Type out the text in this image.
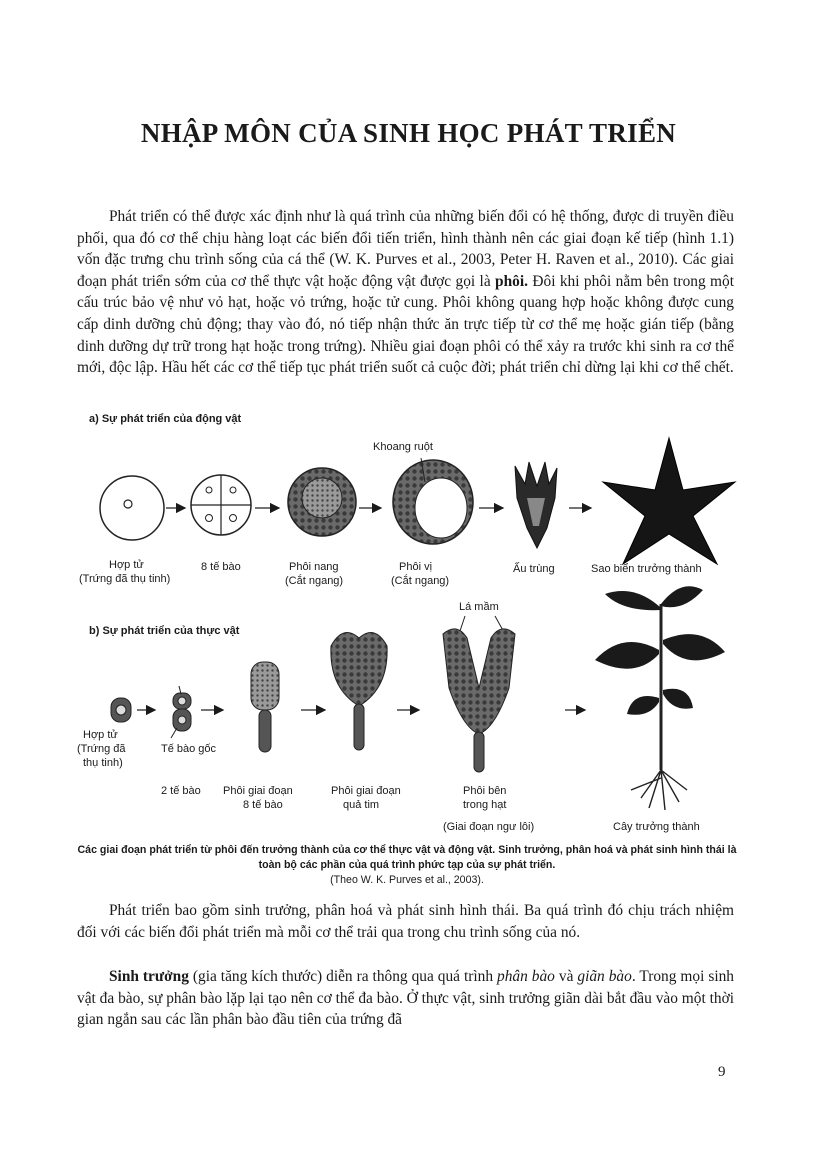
NHẬP MÔN CỦA SINH HỌC PHÁT TRIỂN

Phát triển có thể được xác định như là quá trình của những biến đổi có hệ thống, được di truyền điều phối, qua đó cơ thể chịu hàng loạt các biến đổi tiến triển, hình thành nên các giai đoạn kế tiếp (hình 1.1) vốn đặc trưng chu trình sống của cá thể (W. K. Purves et al., 2003, Peter H. Raven et al., 2010). Các giai đoạn phát triển sớm của cơ thể thực vật hoặc động vật được gọi là phôi. Đôi khi phôi nằm bên trong một cấu trúc bảo vệ như vỏ hạt, hoặc vỏ trứng, hoặc tử cung. Phôi không quang hợp hoặc không được cung cấp dinh dưỡng chủ động; thay vào đó, nó tiếp nhận thức ăn trực tiếp từ cơ thể mẹ hoặc gián tiếp (bằng dinh dưỡng dự trữ trong hạt hoặc trong trứng). Nhiều giai đoạn phôi có thể xảy ra trước khi sinh ra cơ thể mới, độc lập. Hầu hết các cơ thể tiếp tục phát triển suốt cả cuộc đời; phát triển chỉ dừng lại khi cơ thể chết.

a) Sự phát triển của động vật
Khoang ruột
Hợp tử
(Trứng đã thụ tinh)
8 tế bào	Phôi nang
(Cắt ngang)
Phôi vị
(Cắt ngang)
Ấu trùng	Sao biển trưởng thành
b) Sự phát triển của thực vật
Lá mầm
Hợp tử
(Trứng đã
thụ tinh)
Tế bào gốc
2 tế bào Phôi giai đoạn
8 tế bào
Phôi giai đoạn
quả tim
Phôi bên
trong hạt
(Giai đoạn ngư lôi)	Cây trưởng thành
Các giai đoạn phát triển từ phôi đến trưởng thành của cơ thể thực vật và động vật. Sinh trưởng, phân hoá và phát sinh hình thái là toàn bộ các phần của quá trình phức tạp của sự phát triển.
(Theo W. K. Purves et al., 2003).

Phát triển bao gồm sinh trưởng, phân hoá và phát sinh hình thái. Ba quá trình đó chịu trách nhiệm đối với các biến đổi phát triển mà mỗi cơ thể trải qua trong chu trình sống của nó.

Sinh trưởng (gia tăng kích thước) diễn ra thông qua quá trình phân bào và giãn bào. Trong mọi sinh vật đa bào, sự phân bào lặp lại tạo nên cơ thể đa bào. Ở thực vật, sinh trưởng giãn dài bắt đầu vào một thời gian ngắn sau các lần phân bào đầu tiên của trứng đã

9
